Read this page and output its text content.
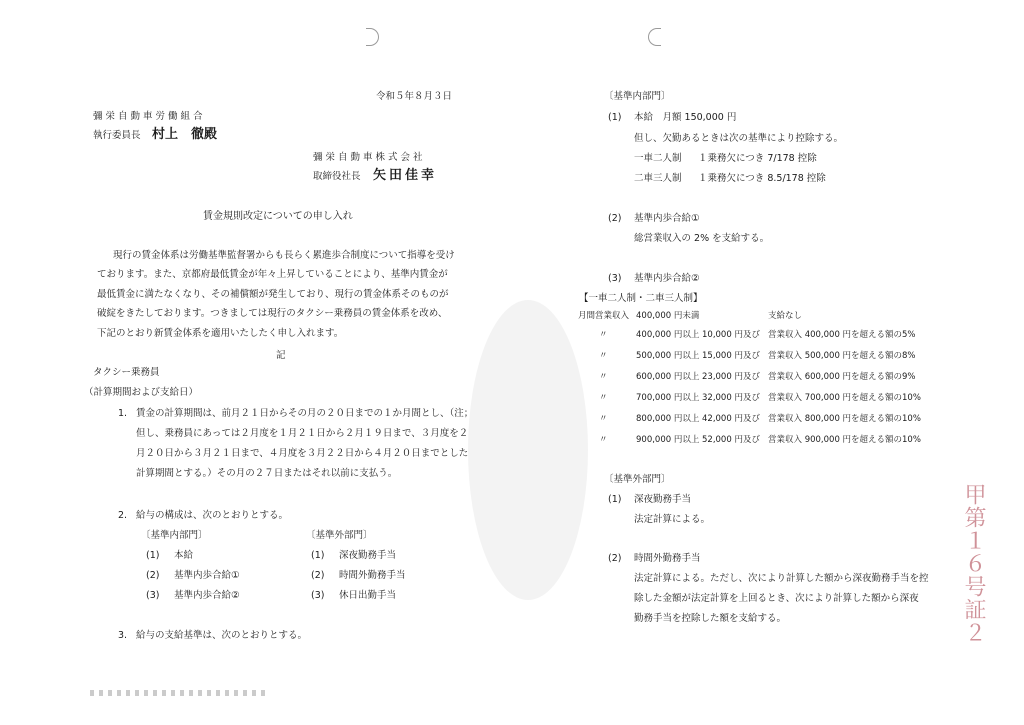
令和５年８月３日
彌栄自動車労働組合
執行委員長 村上　徹殿
彌栄自動車株式会社
取締役社長 矢田佳幸
賃金規則改定についての申し入れ
現行の賃金体系は労働基準監督署からも長らく累進歩合制度について指導を受け
ております。また、京都府最低賃金が年々上昇していることにより、基準内賃金が
最低賃金に満たなくなり、その補償額が発生しており、現行の賃金体系そのものが
破綻をきたしております。つきましては現行のタクシー乗務員の賃金体系を改め、
下記のとおり新賃金体系を適用いたしたく申し入れます。
記
タクシー乗務員
（計算期間および支給日）
1. 賃金の計算期間は、前月２１日からその月の２０日までの１か月間とし、（注；
但し、乗務員にあっては２月度を１月２１日から２月１９日まで、３月度を２
月２０日から３月２１日まで、４月度を３月２２日から４月２０日までとした
計算期間とする。）その月の２７日またはそれ以前に支払う。
2. 給与の構成は、次のとおりとする。
〔基準内部門〕
(1) 本給
(2) 基準内歩合給①
(3) 基準内歩合給②
〔基準外部門〕
(1) 深夜勤務手当
(2) 時間外勤務手当
(3) 休日出勤手当
3. 給与の支給基準は、次のとおりとする。
〔基準内部門〕
(1) 本給　月額 150,000 円
但し、欠勤あるときは次の基準により控除する。
一車二人制 １乗務欠につき 7/178 控除
二車三人制 １乗務欠につき 8.5/178 控除
(2) 基準内歩合給①
総営業収入の 2% を支給する。
(3) 基準内歩合給②
【一車二人制・二車三人制】
月間営業収入 400,000 円未満	支給なし
〃	400,000 円以上 10,000 円及び 営業収入 400,000 円を超える額の 5%
〃	500,000 円以上 15,000 円及び 営業収入 500,000 円を超える額の 8%
〃	600,000 円以上 23,000 円及び 営業収入 600,000 円を超える額の 9%
〃	700,000 円以上 32,000 円及び 営業収入 700,000 円を超える額の 10%
〃	800,000 円以上 42,000 円及び 営業収入 800,000 円を超える額の 10%
〃	900,000 円以上 52,000 円及び 営業収入 900,000 円を超える額の 10%
〔基準外部門〕
(1) 深夜勤務手当
法定計算による。
(2) 時間外勤務手当
法定計算による。ただし、次により計算した額から深夜勤務手当を控
除した金額が法定計算を上回るとき、次により計算した額から深夜
勤務手当を控除した額を支給する。	甲第１６号証２
